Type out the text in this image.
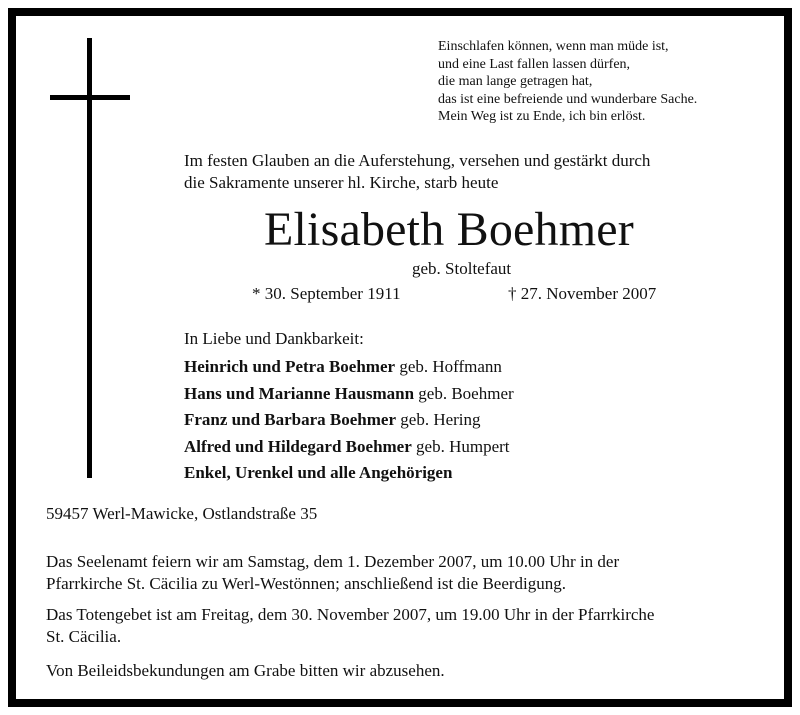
Einschlafen können, wenn man müde ist,
und eine Last fallen lassen dürfen,
die man lange getragen hat,
das ist eine befreiende und wunderbare Sache.
Mein Weg ist zu Ende, ich bin erlöst.
Im festen Glauben an die Auferstehung, versehen und gestärkt durch
die Sakramente unserer hl. Kirche, starb heute
Elisabeth Boehmer
geb. Stoltefaut
* 30. September 1911	† 27. November 2007
In Liebe und Dankbarkeit:
Heinrich und Petra Boehmer geb. Hoffmann
Hans und Marianne Hausmann geb. Boehmer
Franz und Barbara Boehmer geb. Hering
Alfred und Hildegard Boehmer geb. Humpert
Enkel, Urenkel und alle Angehörigen
59457 Werl-Mawicke, Ostlandstraße 35
Das Seelenamt feiern wir am Samstag, dem 1. Dezember 2007, um 10.00 Uhr in der
Pfarrkirche St. Cäcilia zu Werl-Westönnen; anschließend ist die Beerdigung.
Das Totengebet ist am Freitag, dem 30. November 2007, um 19.00 Uhr in der Pfarrkirche
St. Cäcilia.
Von Beileidsbekundungen am Grabe bitten wir abzusehen.
